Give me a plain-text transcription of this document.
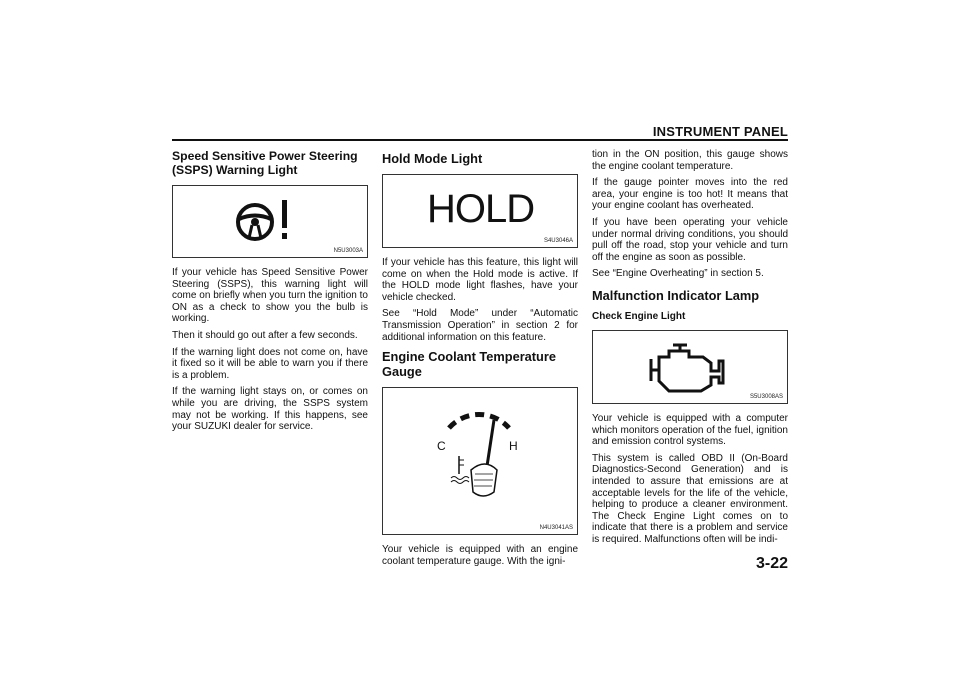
INSTRUMENT PANEL
Speed Sensitive Power Steering (SSPS) Warning Light
N5U3003A

If your vehicle has Speed Sensitive Power Steering (SSPS), this warning light will come on briefly when you turn the ignition to ON as a check to show you the bulb is working.

Then it should go out after a few seconds.

If the warning light does not come on, have it fixed so it will be able to warn you if there is a problem.

If the warning light stays on, or comes on while you are driving, the SSPS system may not be working. If this happens, see your SUZUKI dealer for service.

Hold Mode Light
HOLD
S4U3046A

If your vehicle has this feature, this light will come on when the Hold mode is active. If the HOLD mode light flashes, have your vehicle checked.

See “Hold Mode” under “Automatic Transmission Operation” in section 2 for additional information on this feature.

Engine Coolant Temperature Gauge
C	H
N4U3041AS

Your vehicle is equipped with an engine coolant temperature gauge. With the igni-

tion in the ON position, this gauge shows the engine coolant temperature.

If the gauge pointer moves into the red area, your engine is too hot! It means that your engine coolant has overheated.

If you have been operating your vehicle under normal driving conditions, you should pull off the road, stop your vehicle and turn off the engine as soon as possible.

See “Engine Overheating” in section 5.

Malfunction Indicator Lamp
Check Engine Light
S5U3008AS

Your vehicle is equipped with a computer which monitors operation of the fuel, ignition and emission control systems.

This system is called OBD II (On-Board Diagnostics-Second Generation) and is intended to assure that emissions are at acceptable levels for the life of the vehicle, helping to produce a cleaner environment. The Check Engine Light comes on to indicate that there is a problem and service is required. Malfunctions often will be indi-

3-22
